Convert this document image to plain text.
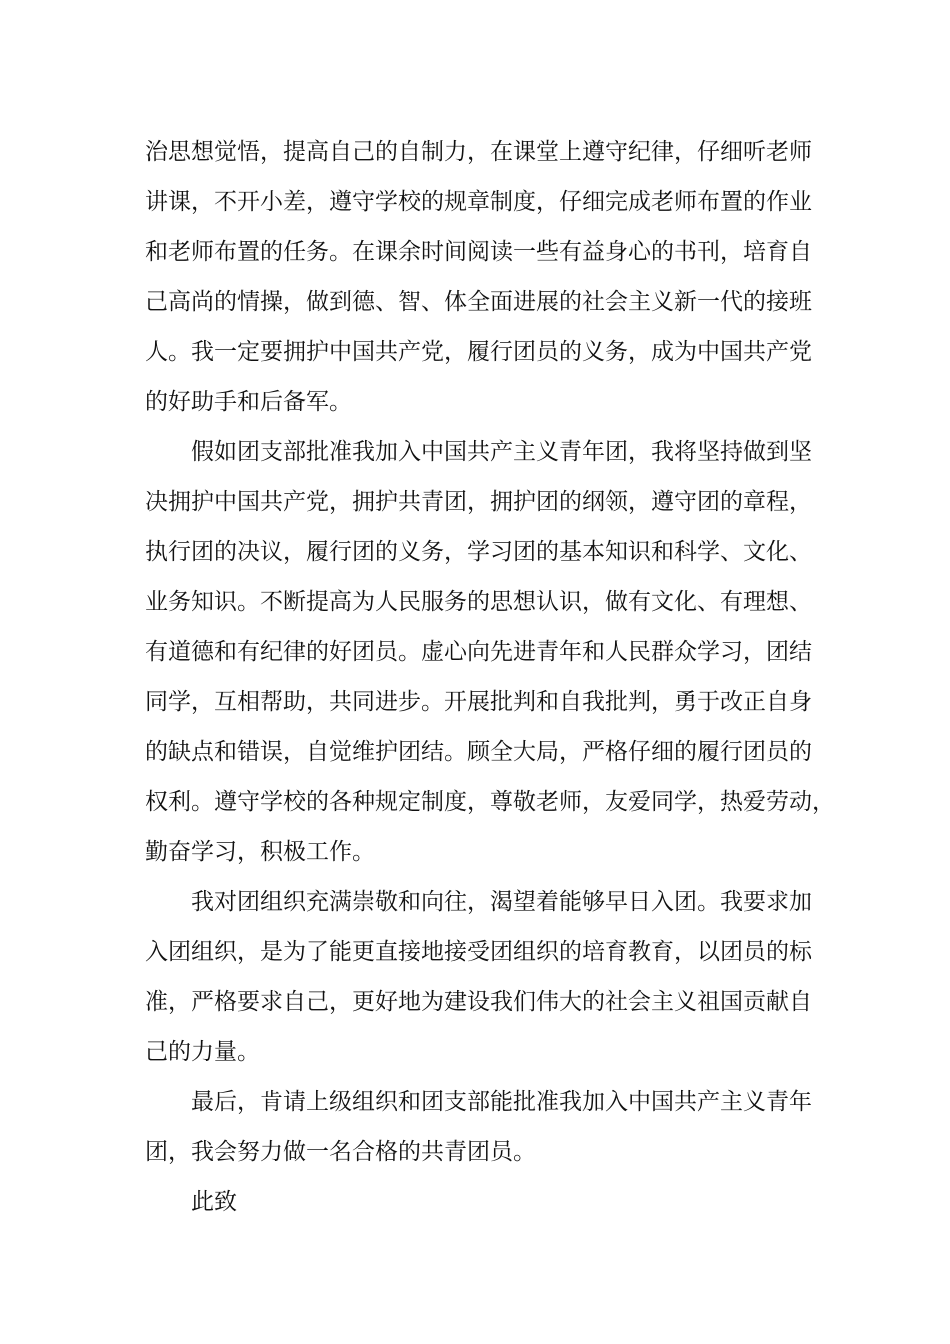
治思想觉悟，提高自己的自制力，在课堂上遵守纪律，仔细听老师
讲课，不开小差，遵守学校的规章制度，仔细完成老师布置的作业
和老师布置的任务。在课余时间阅读一些有益身心的书刊，培育自
己高尚的情操，做到德、智、体全面进展的社会主义新一代的接班
人。我一定要拥护中国共产党，履行团员的义务，成为中国共产党
的好助手和后备军。
假如团支部批准我加入中国共产主义青年团，我将坚持做到坚
决拥护中国共产党，拥护共青团，拥护团的纲领，遵守团的章程，
执行团的决议，履行团的义务，学习团的基本知识和科学、文化、
业务知识。不断提高为人民服务的思想认识，做有文化、有理想、
有道德和有纪律的好团员。虚心向先进青年和人民群众学习，团结
同学，互相帮助，共同进步。开展批判和自我批判，勇于改正自身
的缺点和错误，自觉维护团结。顾全大局，严格仔细的履行团员的
权利。遵守学校的各种规定制度，尊敬老师，友爱同学，热爱劳动，
勤奋学习，积极工作。
我对团组织充满崇敬和向往，渴望着能够早日入团。我要求加
入团组织，是为了能更直接地接受团组织的培育教育，以团员的标
准，严格要求自己，更好地为建设我们伟大的社会主义祖国贡献自
己的力量。
最后，肯请上级组织和团支部能批准我加入中国共产主义青年
团，我会努力做一名合格的共青团员。
此致
